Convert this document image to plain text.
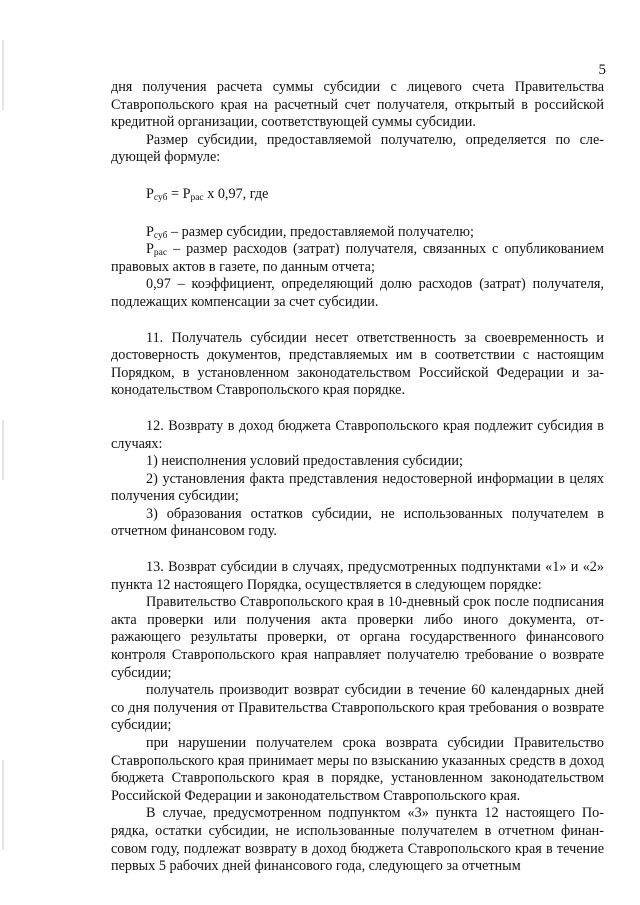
5

дня получения расчета суммы субсидии с лицевого счета Правительства Ставропольского края на расчетный счет получателя, открытый в российской кредитной организации, соответствующей суммы субсидии.

Размер субсидии, предоставляемой получателю, определяется по следующей формуле:

$Р_{суб} = Р_{рас}$ х 0,97, где

$Р_{суб}$ – размер субсидии, предоставляемой получателю;

$Р_{рас}$ – размер расходов (затрат) получателя, связанных с опубликованием правовых актов в газете, по данным отчета;

0,97 – коэффициент, определяющий долю расходов (затрат) получателя, подлежащих компенсации за счет субсидии.

11. Получатель субсидии несет ответственность за своевременность и достоверность документов, представляемых им в соответствии с настоящим Порядком, в установленном законодательством Российской Федерации и законодательством Ставропольского края порядке.

12. Возврату в доход бюджета Ставропольского края подлежит субсидия в случаях:

1) неисполнения условий предоставления субсидии;

2) установления факта представления недостоверной информации в целях получения субсидии;

3) образования остатков субсидии, не использованных получателем в отчетном финансовом году.

13. Возврат субсидии в случаях, предусмотренных подпунктами «1» и «2» пункта 12 настоящего Порядка, осуществляется в следующем порядке:

Правительство Ставропольского края в 10-дневный срок после подписания акта проверки или получения акта проверки либо иного документа, отражающего результаты проверки, от органа государственного финансового контроля Ставропольского края направляет получателю требование о возврате субсидии;

получатель производит возврат субсидии в течение 60 календарных дней со дня получения от Правительства Ставропольского края требования о возврате субсидии;

при нарушении получателем срока возврата субсидии Правительство Ставропольского края принимает меры по взысканию указанных средств в доход бюджета Ставропольского края в порядке, установленном законодательством Российской Федерации и законодательством Ставропольского края.

В случае, предусмотренном подпунктом «3» пункта 12 настоящего Порядка, остатки субсидии, не использованные получателем в отчетном финансовом году, подлежат возврату в доход бюджета Ставропольского края в течение первых 5 рабочих дней финансового года, следующего за отчетным
